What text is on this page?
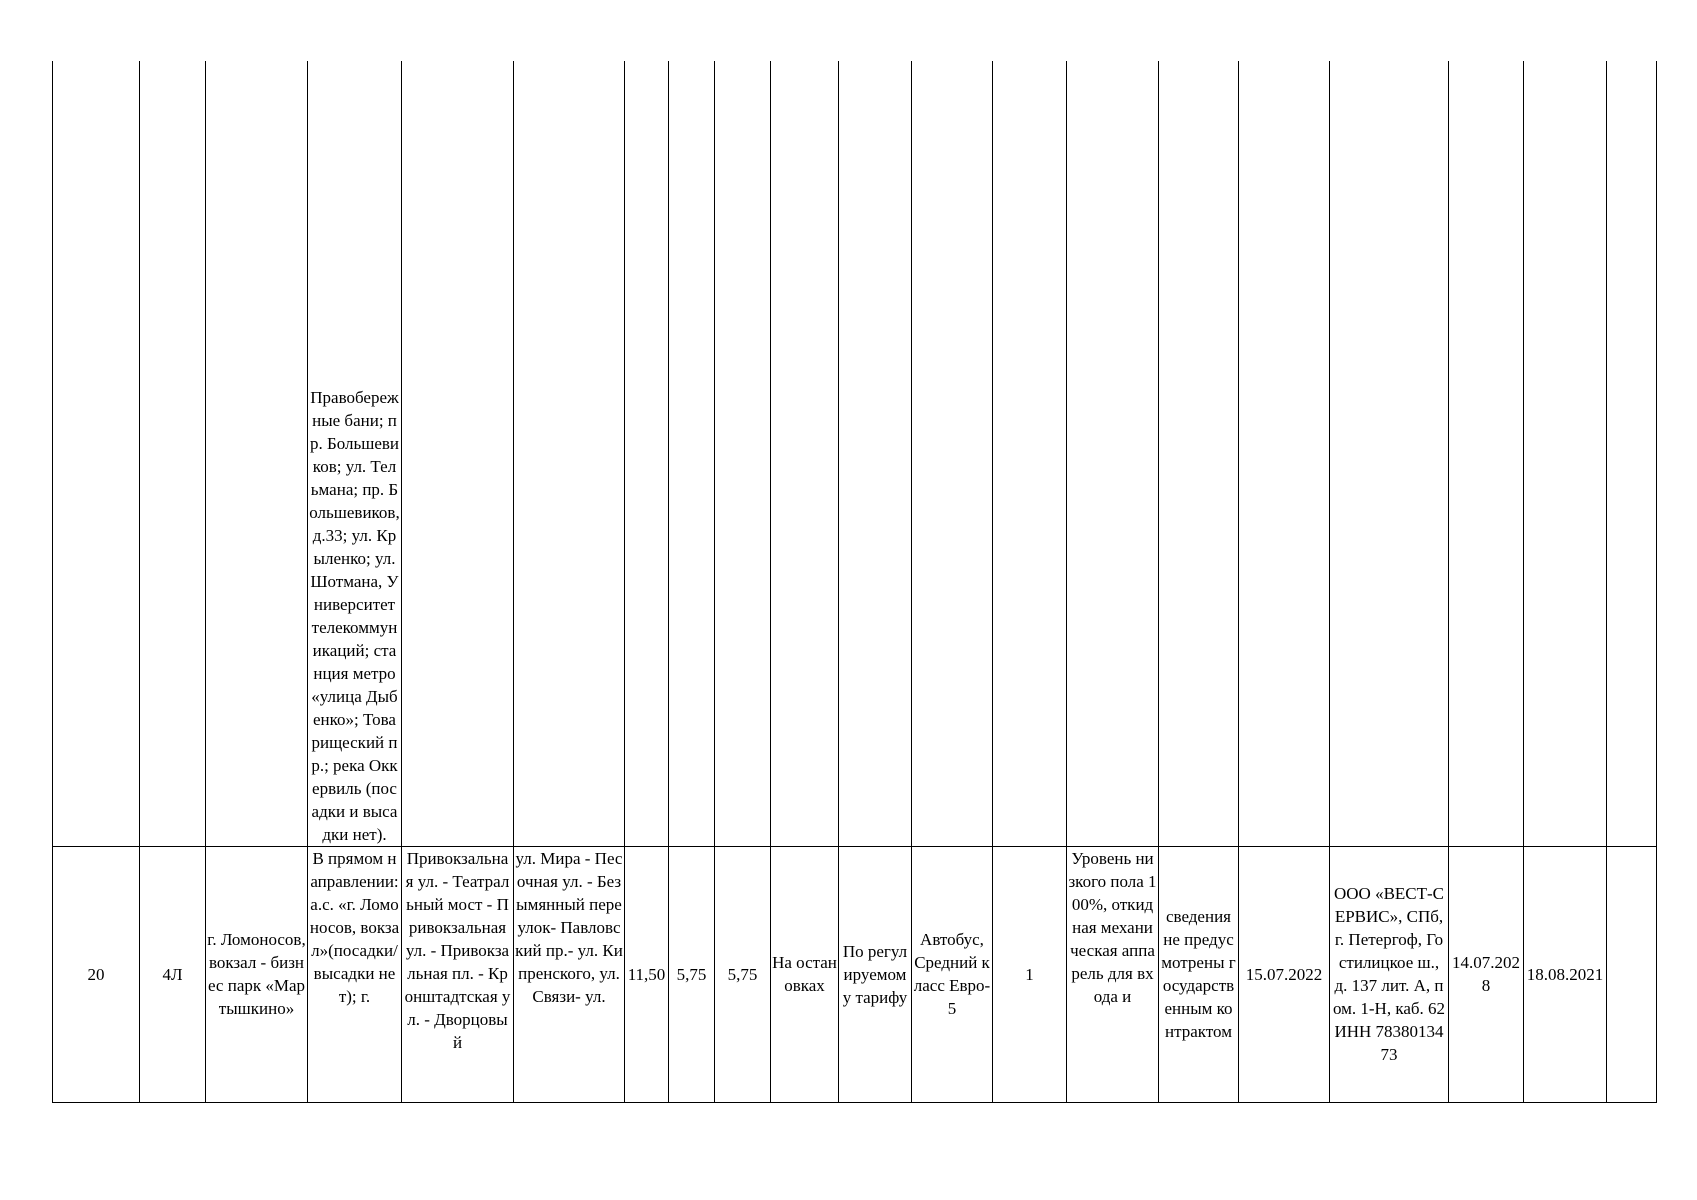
			Правобережные бани; пр. Большевиков; ул. Тельмана; пр. Большевиков, д.33; ул. Крыленко; ул. Шотмана, Университет телекоммуникаций; станция метро «улица Дыбенко»; Товарищеский пр.; река Оккервиль (посадки и высадки нет).																
20	4Л	г. Ломоносов, вокзал - бизнес парк «Мартышкино»	В прямом направлении: а.с. «г. Ломоносов, вокзал»(посадки/высадки нет); г.	Привокзальная ул. - Театральный мост - Привокзальная ул. - Привокзальная пл. - Кронштадтская ул. - Дворцовый	ул. Мира - Песочная ул. - Безымянный переулок- Павловский пр.- ул. Кипренского, ул. Связи- ул.	11,50	5,75	5,75	На остановках	По регулируемому тарифу	Автобус, Средний класс Евро-5	1	Уровень низкого пола 100%, откидная механическая аппарель для входа и	сведения не предусмотрены государственным контрактом	15.07.2022	ООО «ВЕСТ-СЕРВИС», СПб, г. Петергоф, Гостилицкое ш., д. 137 лит. А, пом. 1-Н, каб. 62 ИНН 7838013473	14.07.2028	18.08.2021	
